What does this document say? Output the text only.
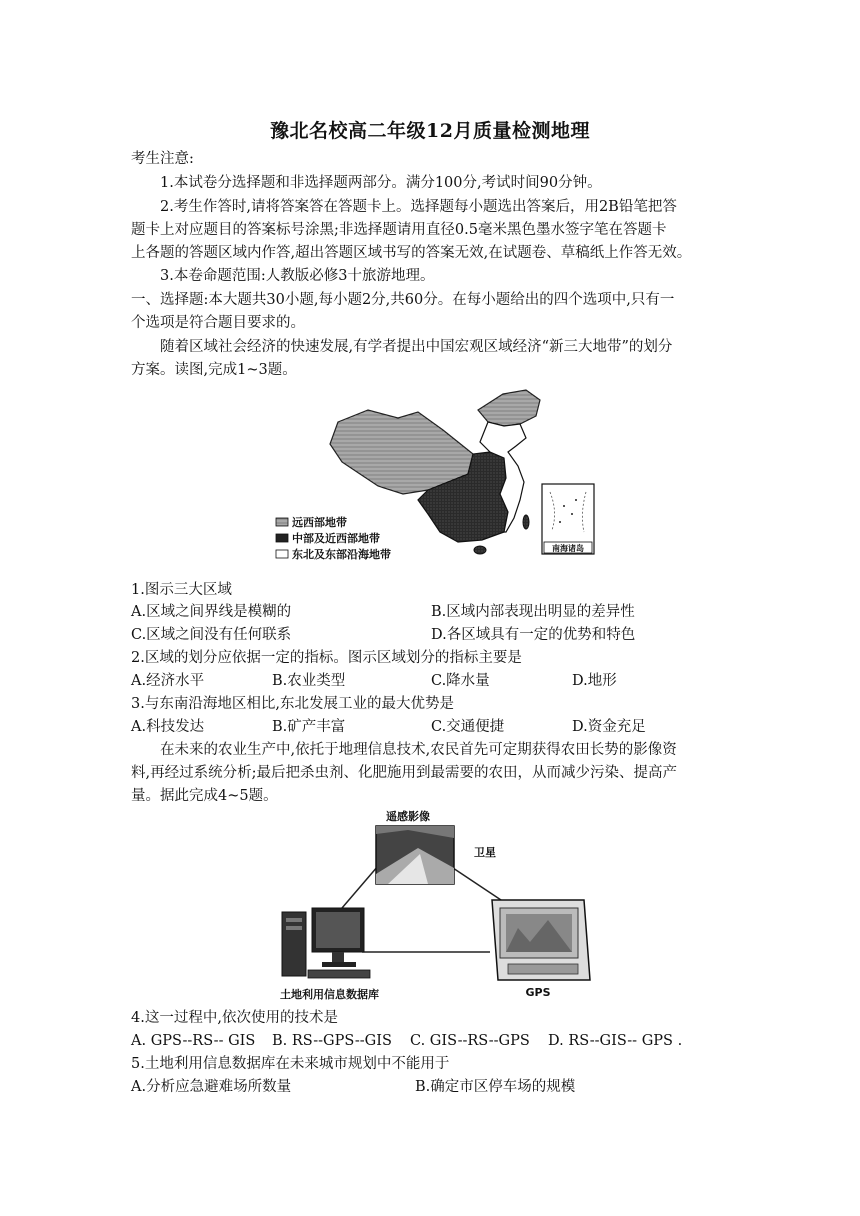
豫北名校高二年级12月质量检测地理
考生注意:
1.本试卷分选择题和非选择题两部分。满分100分,考试时间90分钟。
2.考生作答时,请将答案答在答题卡上。选择题每小题选出答案后，用2B铅笔把答
题卡上对应题目的答案标号涂黑;非选择题请用直径0.5毫米黑色墨水签字笔在答题卡
上各题的答题区域内作答,超出答题区域书写的答案无效,在试题卷、草稿纸上作答无效。
3.本卷命题范围:人教版必修3十旅游地理。
一、选择题:本大题共30小题,每小题2分,共60分。在每小题给出的四个选项中,只有一
个选项是符合题目要求的。
随着区域社会经济的快速发展,有学者提出中国宏观区域经济“新三大地带”的划分
方案。读图,完成1~3题。
南海诸岛
远西部地带
中部及近西部地带
东北及东部沿海地带
1.图示三大区域
A.区域之间界线是模糊的	B.区域内部表现出明显的差异性
C.区域之间没有任何联系	D.各区域具有一定的优势和特色
2.区域的划分应依据一定的指标。图示区域划分的指标主要是
A.经济水平	B.农业类型	C.降水量	D.地形
3.与东南沿海地区相比,东北发展工业的最大优势是
A.科技发达	B.矿产丰富	C.交通便捷	D.资金充足
在未来的农业生产中,依托于地理信息技术,农民首先可定期获得农田长势的影像资
料,再经过系统分析;最后把杀虫剂、化肥施用到最需要的农田，从而减少污染、提高产
量。据此完成4~5题。
遥感影像
卫星
土地利用信息数据库	GPS
4.这一过程中,依次使用的技术是
A. GPS--RS-- GIS B. RS--GPS--GIS C. GIS--RS--GPS D. RS--GIS-- GPS .
5.土地利用信息数据库在未来城市规划中不能用于
A.分析应急避难场所数量	B.确定市区停车场的规模
